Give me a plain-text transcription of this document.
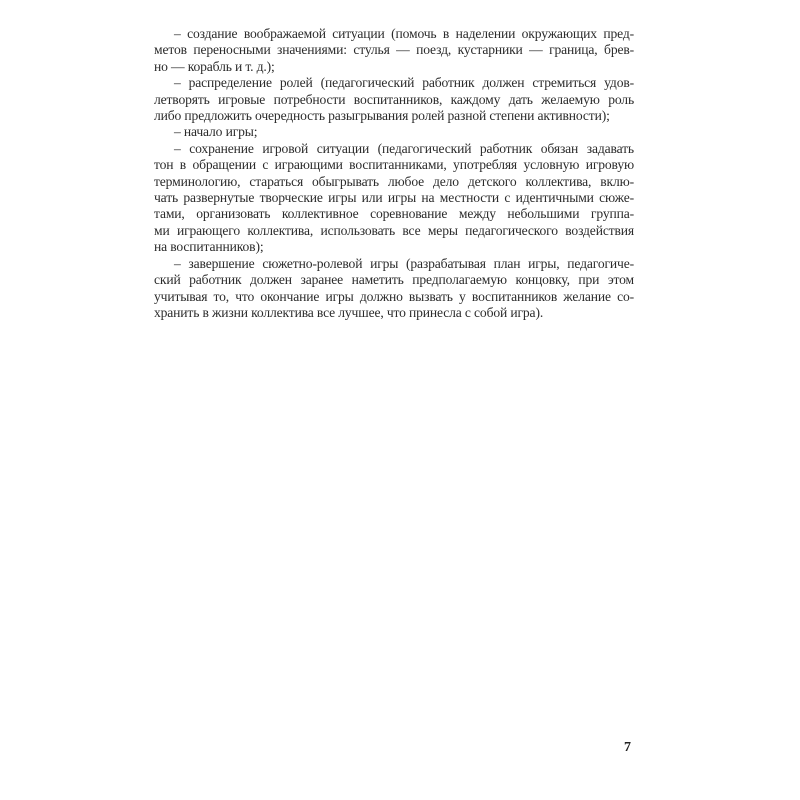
– создание воображаемой ситуации (помочь в наделении окружающих пред-
метов переносными значениями: стулья — поезд, кустарники — граница, брев-
но — корабль и т. д.);
– распределение ролей (педагогический работник должен стремиться удов-
летворять игровые потребности воспитанников, каждому дать желаемую роль
либо предложить очередность разыгрывания ролей разной степени активности);
– начало игры;
– сохранение игровой ситуации (педагогический работник обязан задавать
тон в обращении с играющими воспитанниками, употребляя условную игровую
терминологию, стараться обыгрывать любое дело детского коллектива, вклю-
чать развернутые творческие игры или игры на местности с идентичными сюже-
тами, организовать коллективное соревнование между небольшими группа-
ми играющего коллектива, использовать все меры педагогического воздействия
на воспитанников);
– завершение сюжетно-ролевой игры (разрабатывая план игры, педагогиче-
ский работник должен заранее наметить предполагаемую концовку, при этом
учитывая то, что окончание игры должно вызвать у воспитанников желание со-
хранить в жизни коллектива все лучшее, что принесла с собой игра).
7
